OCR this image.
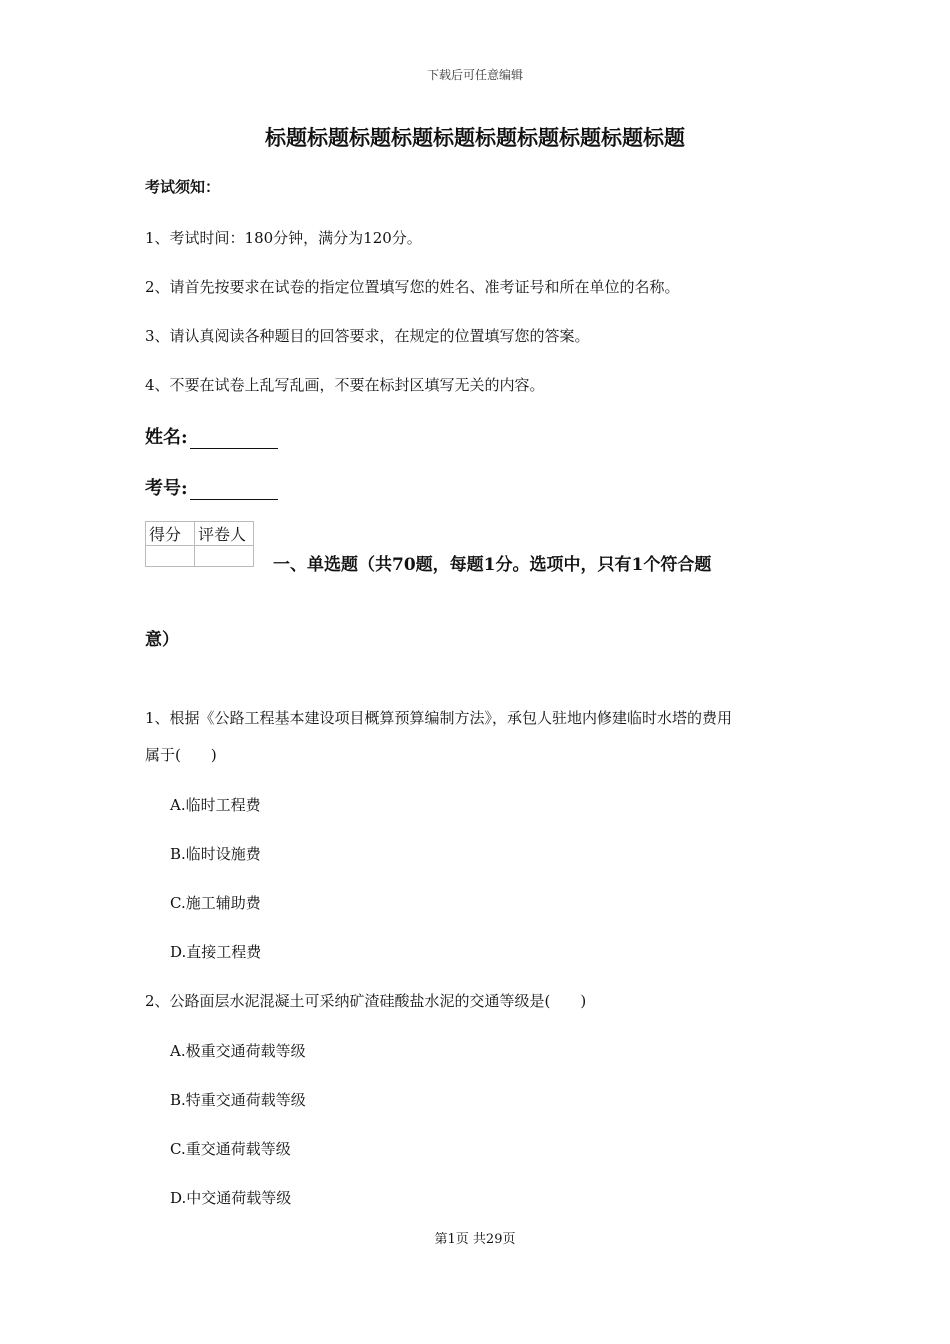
下载后可任意编辑
标题标题标题标题标题标题标题标题标题标题
考试须知：
1、考试时间：180分钟，满分为120分。
2、请首先按要求在试卷的指定位置填写您的姓名、准考证号和所在单位的名称。
3、请认真阅读各种题目的回答要求，在规定的位置填写您的答案。
4、不要在试卷上乱写乱画，不要在标封区填写无关的内容。
姓名:
考号:
得分	评卷人

一、单选题（共70题，每题1分。选项中，只有1个符合题
意）
1、根据《公路工程基本建设项目概算预算编制方法》，承包人驻地内修建临时水塔的费用
属于(　　)
A.临时工程费
B.临时设施费
C.施工辅助费
D.直接工程费
2、公路面层水泥混凝土可采纳矿渣硅酸盐水泥的交通等级是(　　)
A.极重交通荷载等级
B.特重交通荷载等级
C.重交通荷载等级
D.中交通荷载等级
第1页 共29页
